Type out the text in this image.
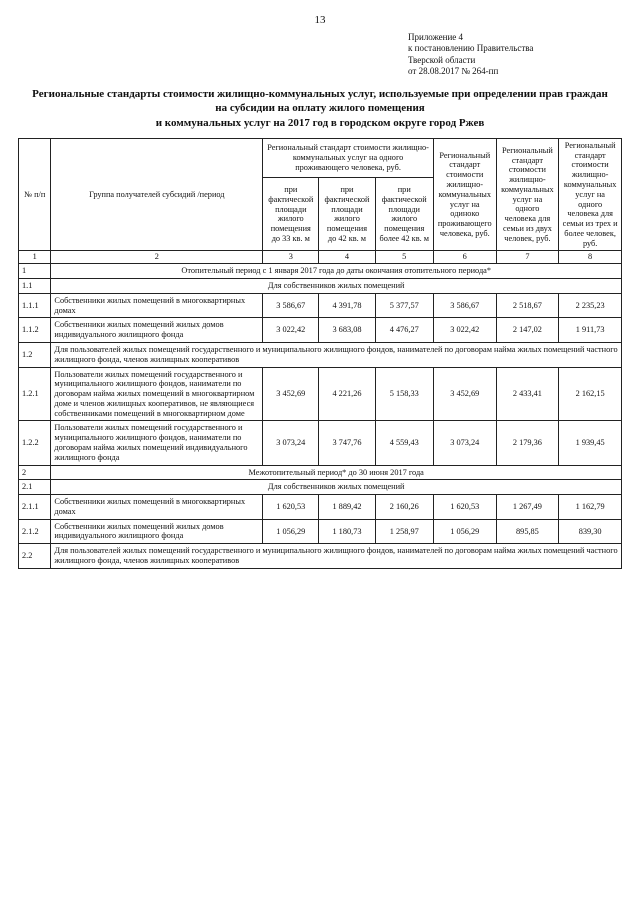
13
Приложение 4
к постановлению Правительства
Тверской области
от 28.08.2017 № 264-пп
Региональные стандарты стоимости жилищно-коммунальных услуг, используемые при определении прав граждан на субсидии на оплату жилого помещения
и коммунальных услуг на 2017 год в городском округе город Ржев
№ п/п	Группа получателей субсидий /период	Региональный стандарт стоимости жилищно-коммунальных услуг на одного проживающего человека, руб.			Региональный стандарт стоимости жилищно-коммунальных услуг на одиноко проживающего человека, руб.	Региональный стандарт стоимости жилищно-коммунальных услуг на одного человека для семьи из двух человек, руб.	Региональный стандарт стоимости жилищно-коммунальных услуг на одного человека для семьи из трех и более человек, руб.
		при фактической площади жилого помещения до 33 кв. м	при фактической площади жилого помещения до 42 кв. м	при фактической площади жилого помещения более 42 кв. м			
1	2	3	4	5	6	7	8
1	Отопительный период с 1 января 2017 года до даты окончания отопительного периода*						
1.1	Для собственников жилых помещений						
1.1.1	Собственники жилых помещений в многоквартирных домах	3 586,67	4 391,78	5 377,57	3 586,67	2 518,67	2 235,23
1.1.2	Собственники жилых помещений жилых домов индивидуального жилищного фонда	3 022,42	3 683,08	4 476,27	3 022,42	2 147,02	1 911,73
1.2	Для пользователей жилых помещений государственного и муниципального жилищного фондов, нанимателей по договорам найма жилых помещений частного жилищного фонда, членов жилищных кооперативов						
1.2.1	Пользователи жилых помещений государственного и муниципального жилищного фондов, наниматели по договорам найма жилых помещений в многоквартирном доме и членов жилищных кооперативов, не являющиеся собственниками помещений в многоквартирном доме	3 452,69	4 221,26	5 158,33	3 452,69	2 433,41	2 162,15
1.2.2	Пользователи жилых помещений государственного и муниципального жилищного фондов, наниматели по договорам найма жилых помещений индивидуального жилищного фонда	3 073,24	3 747,76	4 559,43	3 073,24	2 179,36	1 939,45
2	Межотопительный период* до 30 июня 2017 года						
2.1	Для собственников жилых помещений						
2.1.1	Собственники жилых помещений в многоквартирных домах	1 620,53	1 889,42	2 160,26	1 620,53	1 267,49	1 162,79
2.1.2	Собственники жилых помещений жилых домов индивидуального жилищного фонда	1 056,29	1 180,73	1 258,97	1 056,29	895,85	839,30
2.2	Для пользователей жилых помещений государственного и муниципального жилищного фондов, нанимателей по договорам найма жилых помещений частного жилищного фонда, членов жилищных кооперативов						
